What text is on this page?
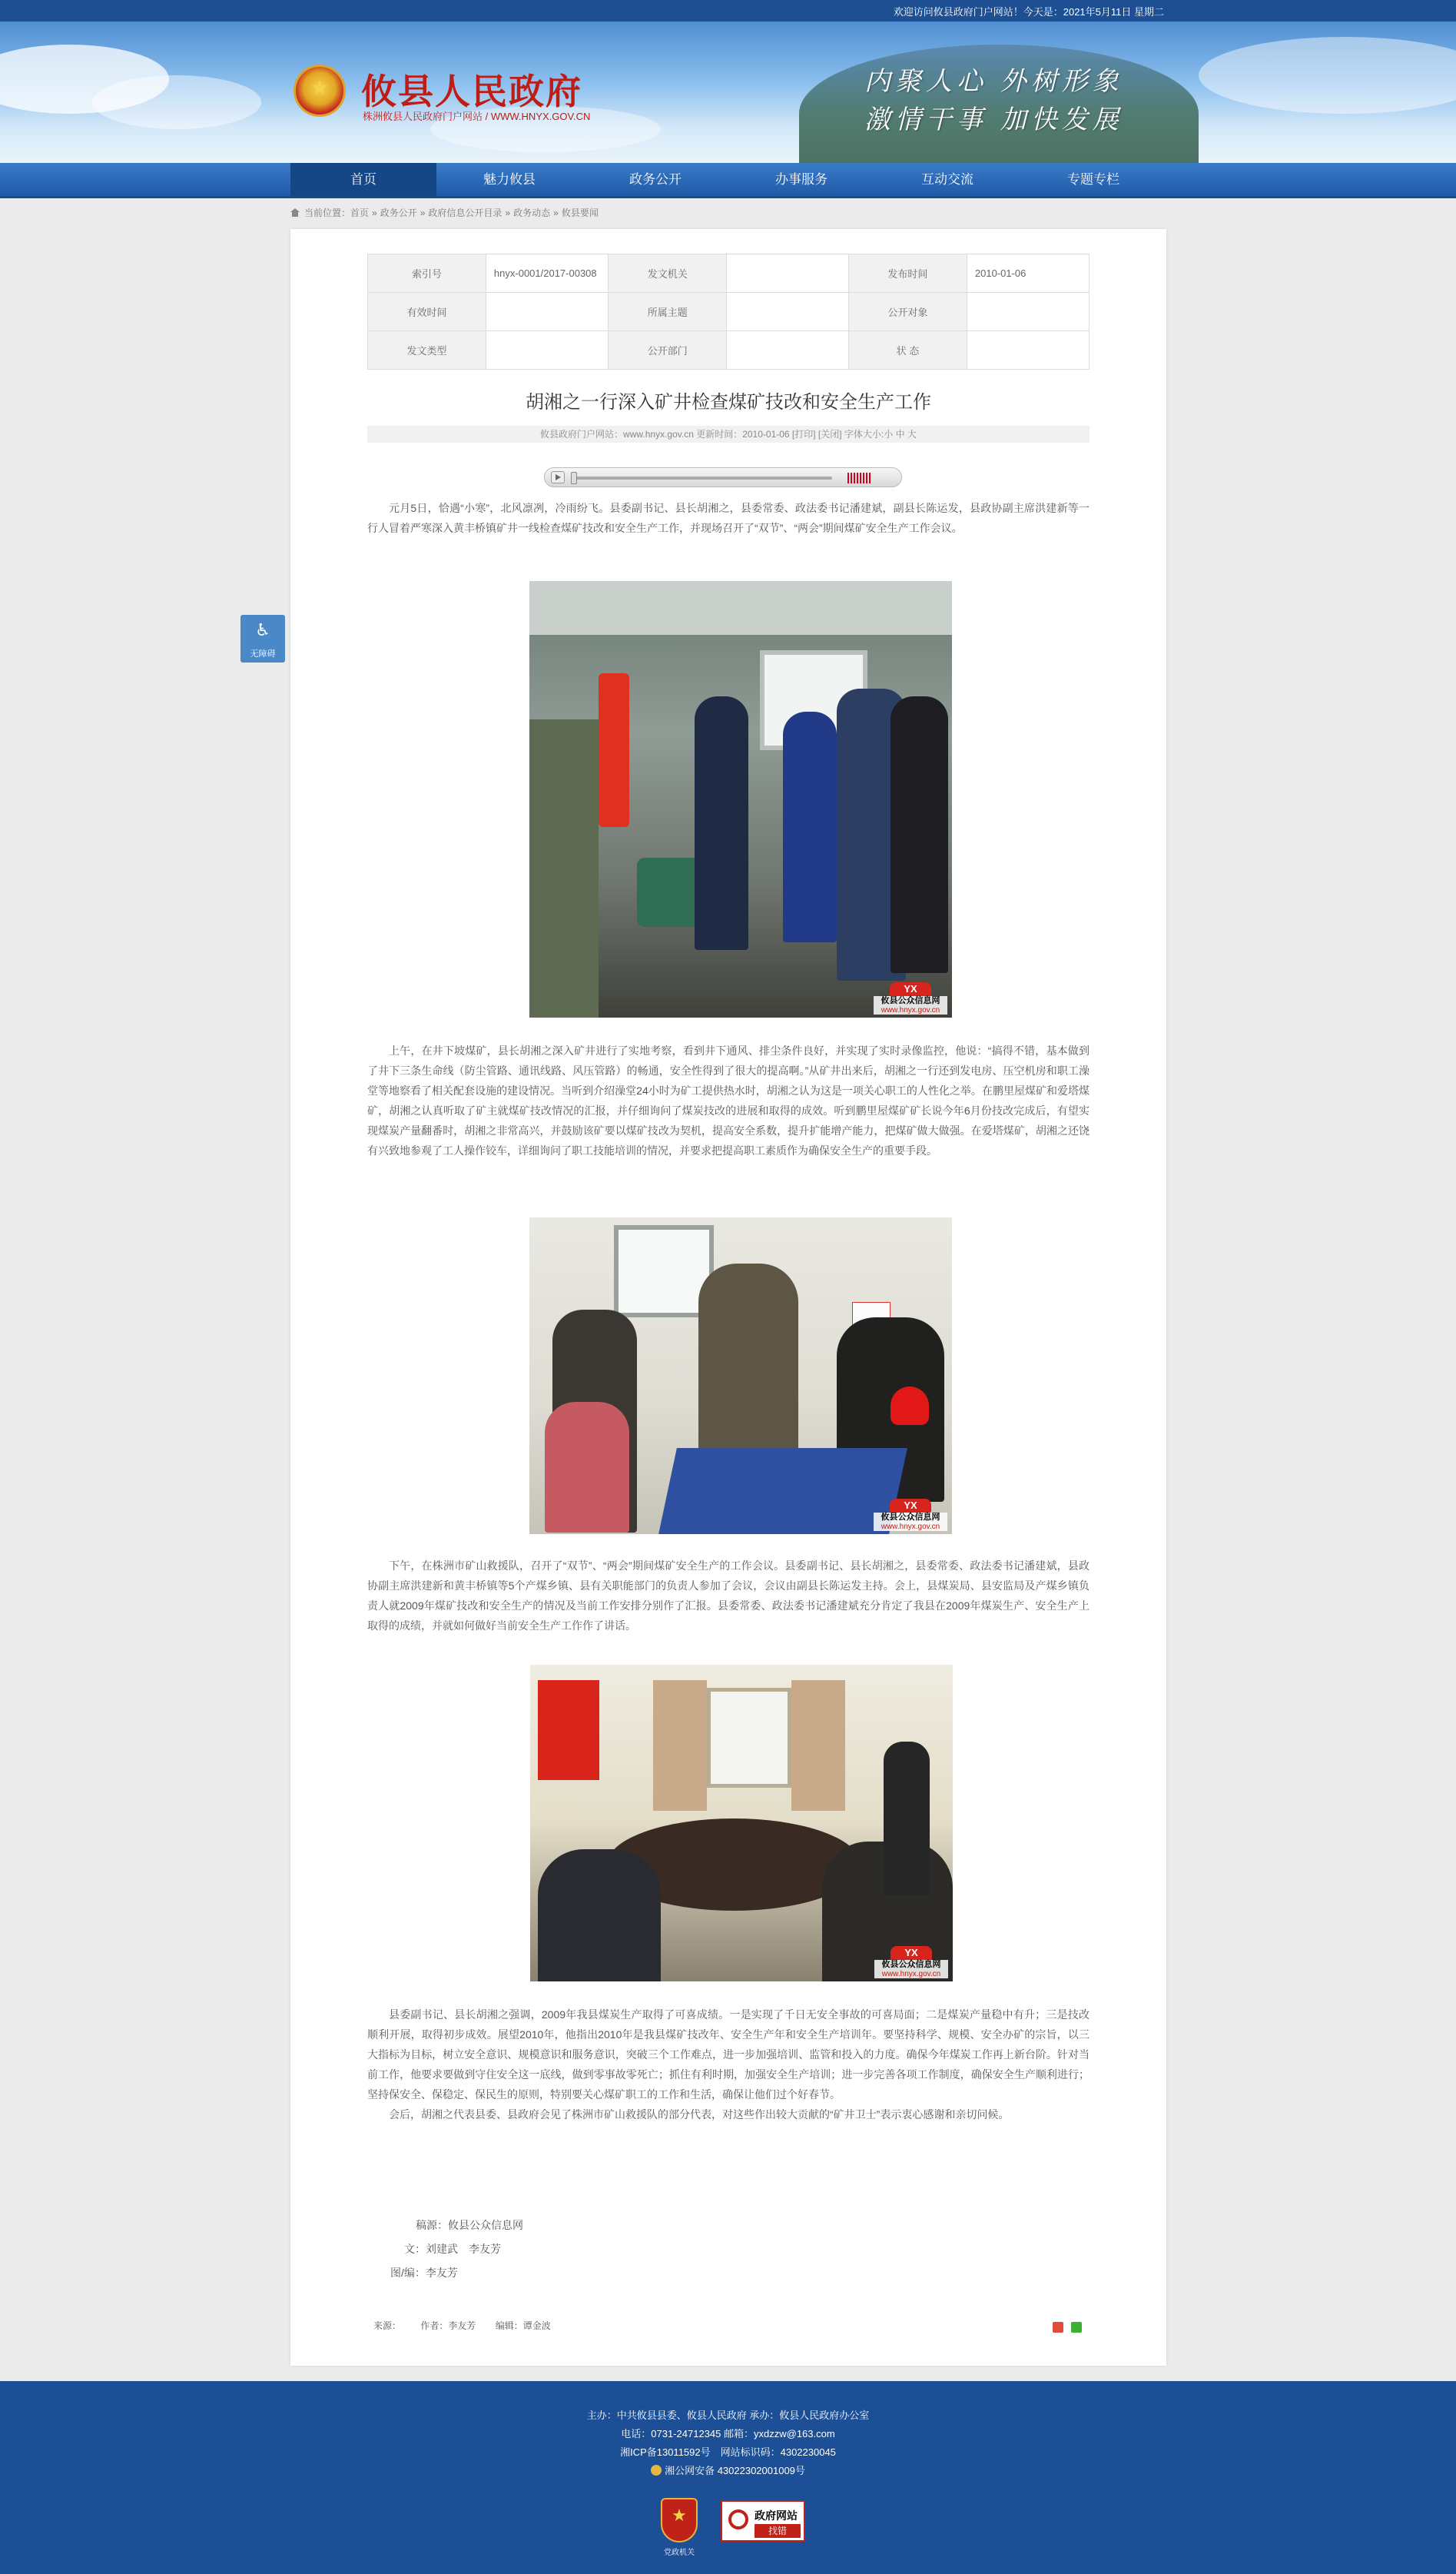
欢迎访问攸县政府门户网站！今天是：2021年5月11日 星期二
★
攸县人民政府
株洲攸县人民政府门户网站 / WWW.HNYX.GOV.CN
内聚人心 外树形象
激情干事 加快发展
首页	魅力攸县	政务公开	办事服务	互动交流	专题专栏
当前位置：首页 » 政务公开 » 政府信息公开目录 » 政务动态 » 攸县要闻
♿
无障碍
索引号	hnyx-0001/2017-00308	发文机关		发布时间	2010-01-06
有效时间		所属主题		公开对象	
发文类型		公开部门		状 态	
胡湘之一行深入矿井检查煤矿技改和安全生产工作
攸县政府门户网站：www.hnyx.gov.cn 更新时间：2010-01-06 [打印] [关闭] 字体大小:小 中 大

元月5日，恰遇“小寒”，北风凛冽，冷雨纷飞。县委副书记、县长胡湘之，县委常委、政法委书记潘建斌，副县长陈运发，县政协副主席洪建新等一行人冒着严寒深入黄丰桥镇矿井一线检查煤矿技改和安全生产工作，并现场召开了“双节”、“两会”期间煤矿安全生产工作会议。

YX
攸县公众信息网
www.hnyx.gov.cn

上午，在井下坡煤矿，县长胡湘之深入矿井进行了实地考察，看到井下通风、排尘条件良好，并实现了实时录像监控，他说：“搞得不错，基本做到了井下三条生命线（防尘管路、通讯线路、风压管路）的畅通，安全性得到了很大的提高啊。”从矿井出来后，胡湘之一行还到发电房、压空机房和职工澡堂等地察看了相关配套设施的建设情况。当听到介绍澡堂24小时为矿工提供热水时，胡湘之认为这是一项关心职工的人性化之举。在鹏里屋煤矿和爱塔煤矿，胡湘之认真听取了矿主就煤矿技改情况的汇报，并仔细询问了煤炭技改的进展和取得的成效。听到鹏里屋煤矿矿长说今年6月份技改完成后，有望实现煤炭产量翻番时，胡湘之非常高兴，并鼓励该矿要以煤矿技改为契机，提高安全系数，提升扩能增产能力，把煤矿做大做强。在爱塔煤矿，胡湘之还饶有兴致地参观了工人操作铰车，详细询问了职工技能培训的情况，并要求把提高职工素质作为确保安全生产的重要手段。

YX
攸县公众信息网
www.hnyx.gov.cn

下午，在株洲市矿山救援队，召开了“双节”、“两会”期间煤矿安全生产的工作会议。县委副书记、县长胡湘之，县委常委、政法委书记潘建斌，县政协副主席洪建新和黄丰桥镇等5个产煤乡镇、县有关职能部门的负责人参加了会议，会议由副县长陈运发主持。会上，县煤炭局、县安监局及产煤乡镇负责人就2009年煤矿技改和安全生产的情况及当前工作安排分别作了汇报。县委常委、政法委书记潘建斌充分肯定了我县在2009年煤炭生产、安全生产上取得的成绩，并就如何做好当前安全生产工作作了讲话。

YX
攸县公众信息网
www.hnyx.gov.cn

县委副书记、县长胡湘之强调，2009年我县煤炭生产取得了可喜成绩。一是实现了千日无安全事故的可喜局面；二是煤炭产量稳中有升；三是技改顺利开展，取得初步成效。展望2010年，他指出2010年是我县煤矿技改年、安全生产年和安全生产培训年。要坚持科学、规模、安全办矿的宗旨，以三大指标为目标，树立安全意识、规模意识和服务意识，突破三个工作难点，进一步加强培训、监管和投入的力度。确保今年煤炭工作再上新台阶。针对当前工作，他要求要做到守住安全这一底线，做到零事故零死亡；抓住有利时期，加强安全生产培训；进一步完善各项工作制度，确保安全生产顺利进行；坚持保安全、保稳定、保民生的原则，特别要关心煤矿职工的工作和生活，确保让他们过个好春节。

会后，胡湘之代表县委、县政府会见了株洲市矿山救援队的部分代表，对这些作出较大贡献的“矿井卫士”表示衷心感谢和亲切问候。

稿源：攸县公众信息网
文：刘建武　李友芳
图/编：李友芳
来源： 作者：李友芳 编辑：谭金波
主办：中共攸县县委、攸县人民政府 承办：攸县人民政府办公室
电话：0731-24712345 邮箱：yxdzzw@163.com
湘ICP备13011592号　网站标识码：4302230045
湘公网安备 43022302001009号
★
政府网站
找错
党政机关
